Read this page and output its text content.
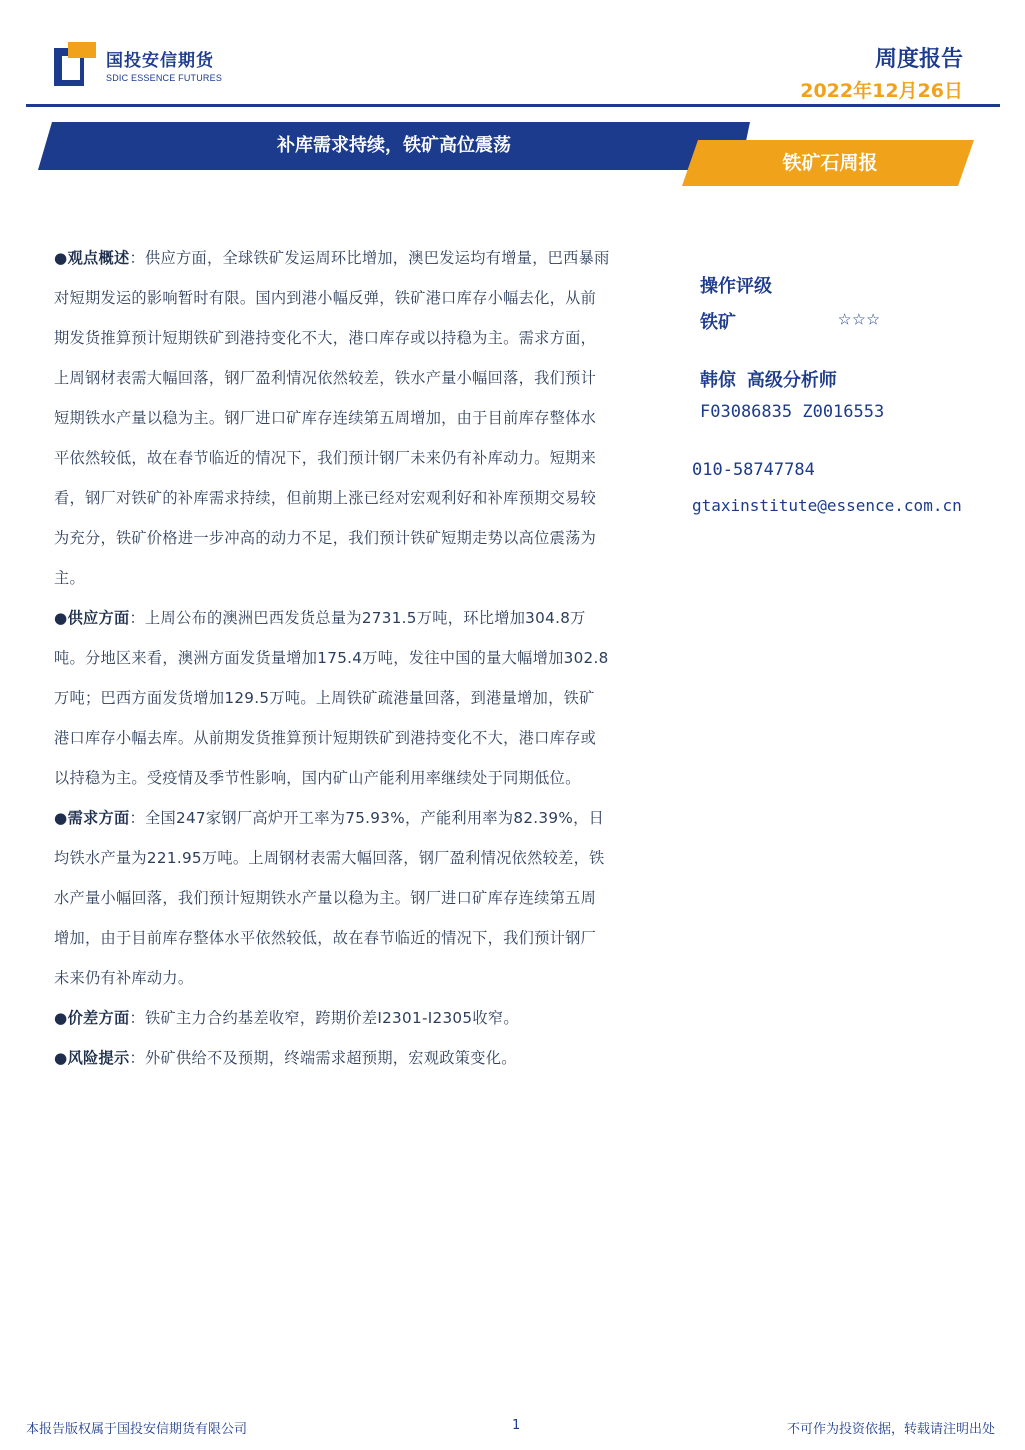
国投安信期货
SDIC ESSENCE FUTURES
周度报告
2022年12月26日
补库需求持续，铁矿高位震荡
铁矿石周报

●观点概述：供应方面，全球铁矿发运周环比增加，澳巴发运均有增量，巴西暴雨对短期发运的影响暂时有限。国内到港小幅反弹，铁矿港口库存小幅去化，从前期发货推算预计短期铁矿到港持变化不大，港口库存或以持稳为主。需求方面，上周钢材表需大幅回落，钢厂盈利情况依然较差，铁水产量小幅回落，我们预计短期铁水产量以稳为主。钢厂进口矿库存连续第五周增加，由于目前库存整体水平依然较低，故在春节临近的情况下，我们预计钢厂未来仍有补库动力。短期来看，钢厂对铁矿的补库需求持续，但前期上涨已经对宏观利好和补库预期交易较为充分，铁矿价格进一步冲高的动力不足，我们预计铁矿短期走势以高位震荡为主。

●供应方面：上周公布的澳洲巴西发货总量为2731.5万吨，环比增加304.8万吨。分地区来看，澳洲方面发货量增加175.4万吨，发往中国的量大幅增加302.8万吨；巴西方面发货增加129.5万吨。上周铁矿疏港量回落，到港量增加，铁矿港口库存小幅去库。从前期发货推算预计短期铁矿到港持变化不大，港口库存或以持稳为主。受疫情及季节性影响，国内矿山产能利用率继续处于同期低位。

●需求方面：全国247家钢厂高炉开工率为75.93%，产能利用率为82.39%，日均铁水产量为221.95万吨。上周钢材表需大幅回落，钢厂盈利情况依然较差，铁水产量小幅回落，我们预计短期铁水产量以稳为主。钢厂进口矿库存连续第五周增加，由于目前库存整体水平依然较低，故在春节临近的情况下，我们预计钢厂未来仍有补库动力。

●价差方面：铁矿主力合约基差收窄，跨期价差I2301-I2305收窄。

●风险提示：外矿供给不及预期，终端需求超预期，宏观政策变化。

操作评级
铁矿	☆☆☆
韩倞 高级分析师
F03086835 Z0016553
010-58747784
gtaxinstitute@essence.com.cn
本报告版权属于国投安信期货有限公司	1	不可作为投资依据，转载请注明出处
